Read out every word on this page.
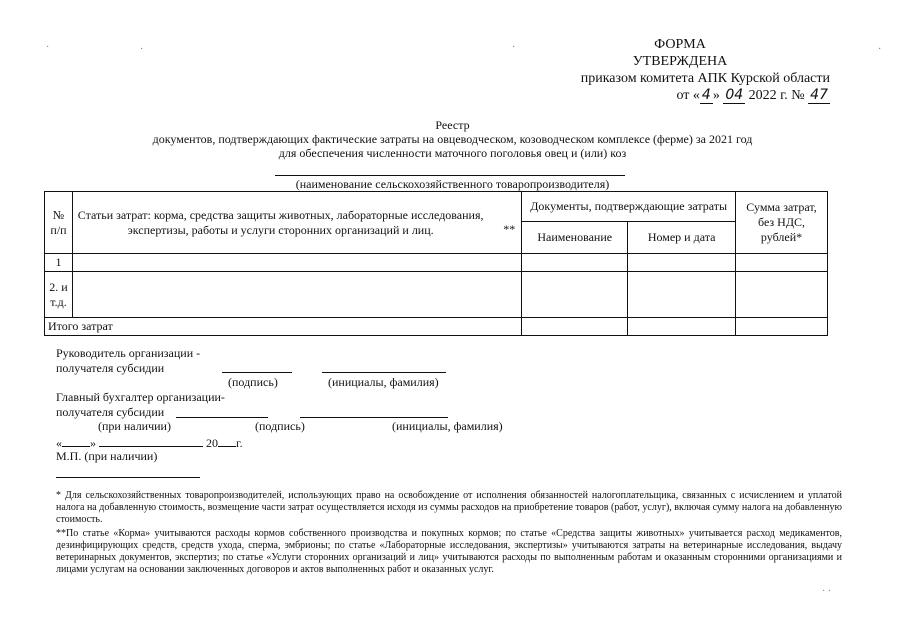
ФОРМА
УТВЕРЖДЕНА
приказом комитета АПК Курской области
от « 4 » 04 2022 г. № 47
·	·	·	·
Реестр
документов, подтверждающих фактические затраты на овцеводческом, козоводческом комплексе (ферме) за 2021 год
для обеспечения численности маточного поголовья овец и (или) коз
(наименование сельскохозяйственного товаропроизводителя)
№ п/п	Статьи затрат: корма, средства защиты животных, лабораторные исследования, экспертизы, работы и услуги сторонних организаций и лиц. **	Документы, подтверждающие затраты		Сумма затрат, без НДС, рублей*
		Наименование	Номер и дата	
1				
2. и т.д.				
Итого затрат				
Руководитель организации -
получателя субсидии
(подпись)	(инициалы, фамилия)
Главный бухгалтер организации-
получателя субсидии
(при наличии)	(подпись)	(инициалы, фамилия)
« »	20 г.
М.П. (при наличии)
* Для сельскохозяйственных товаропроизводителей, использующих право на освобождение от исполнения обязанностей налогоплательщика, связанных с исчислением и уплатой налога на добавленную стоимость, возмещение части затрат осуществляется исходя из суммы расходов на приобретение товаров (работ, услуг), включая сумму налога на добавленную стоимость.
**По статье «Корма» учитываются расходы кормов собственного производства и покупных кормов; по статье «Средства защиты животных» учитывается расход медикаментов, дезинфицирующих средств, средств ухода, сперма, эмбрионы; по статье «Лабораторные исследования, экспертизы» учитываются затраты на ветеринарные исследования, выдачу ветеринарных документов, экспертиз; по статье «Услуги сторонних организаций и лиц» учитываются расходы по выполненным работам и оказанным сторонними организациями и лицами услугам на основании заключенных договоров и актов выполненных работ и оказанных услуг.
· ·
